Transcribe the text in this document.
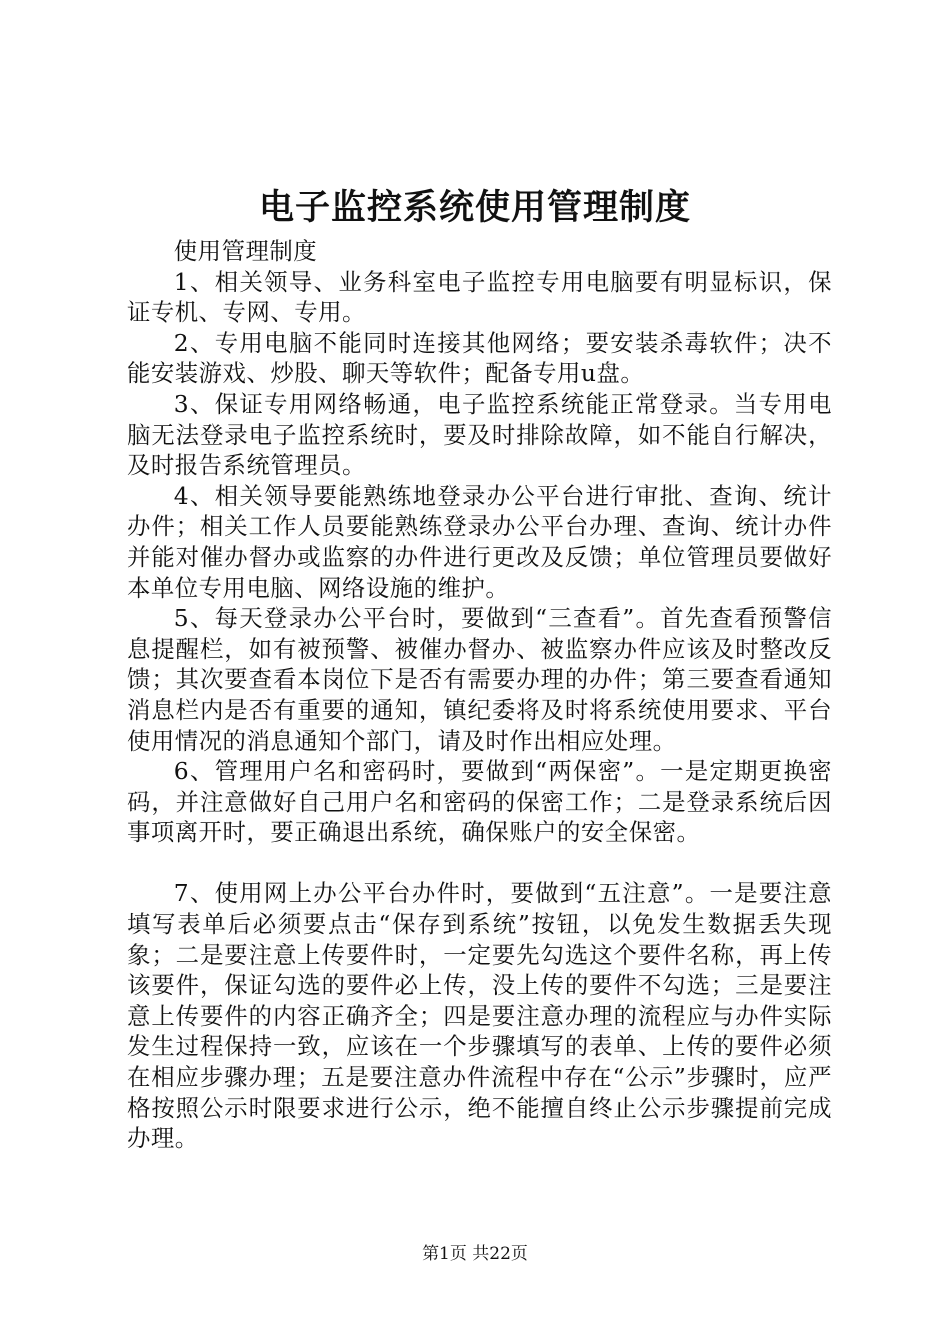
电子监控系统使用管理制度

使用管理制度

1、相关领导、业务科室电子监控专用电脑要有明显标识，保证专机、专网、专用。

2、专用电脑不能同时连接其他网络；要安装杀毒软件；决不能安装游戏、炒股、聊天等软件；配备专用u盘。

3、保证专用网络畅通，电子监控系统能正常登录。当专用电脑无法登录电子监控系统时，要及时排除故障，如不能自行解决，及时报告系统管理员。

4、相关领导要能熟练地登录办公平台进行审批、查询、统计办件；相关工作人员要能熟练登录办公平台办理、查询、统计办件并能对催办督办或监察的办件进行更改及反馈；单位管理员要做好本单位专用电脑、网络设施的维护。

5、每天登录办公平台时，要做到“三查看”。首先查看预警信息提醒栏，如有被预警、被催办督办、被监察办件应该及时整改反馈；其次要查看本岗位下是否有需要办理的办件；第三要查看通知消息栏内是否有重要的通知，镇纪委将及时将系统使用要求、平台使用情况的消息通知个部门，请及时作出相应处理。

6、管理用户名和密码时，要做到“两保密”。一是定期更换密码，并注意做好自己用户名和密码的保密工作；二是登录系统后因事项离开时，要正确退出系统，确保账户的安全保密。

7、使用网上办公平台办件时，要做到“五注意”。一是要注意填写表单后必须要点击“保存到系统”按钮，以免发生数据丢失现象；二是要注意上传要件时，一定要先勾选这个要件名称，再上传该要件，保证勾选的要件必上传，没上传的要件不勾选；三是要注意上传要件的内容正确齐全；四是要注意办理的流程应与办件实际发生过程保持一致，应该在一个步骤填写的表单、上传的要件必须在相应步骤办理；五是要注意办件流程中存在“公示”步骤时，应严格按照公示时限要求进行公示，绝不能擅自终止公示步骤提前完成办理。

第1页 共22页
